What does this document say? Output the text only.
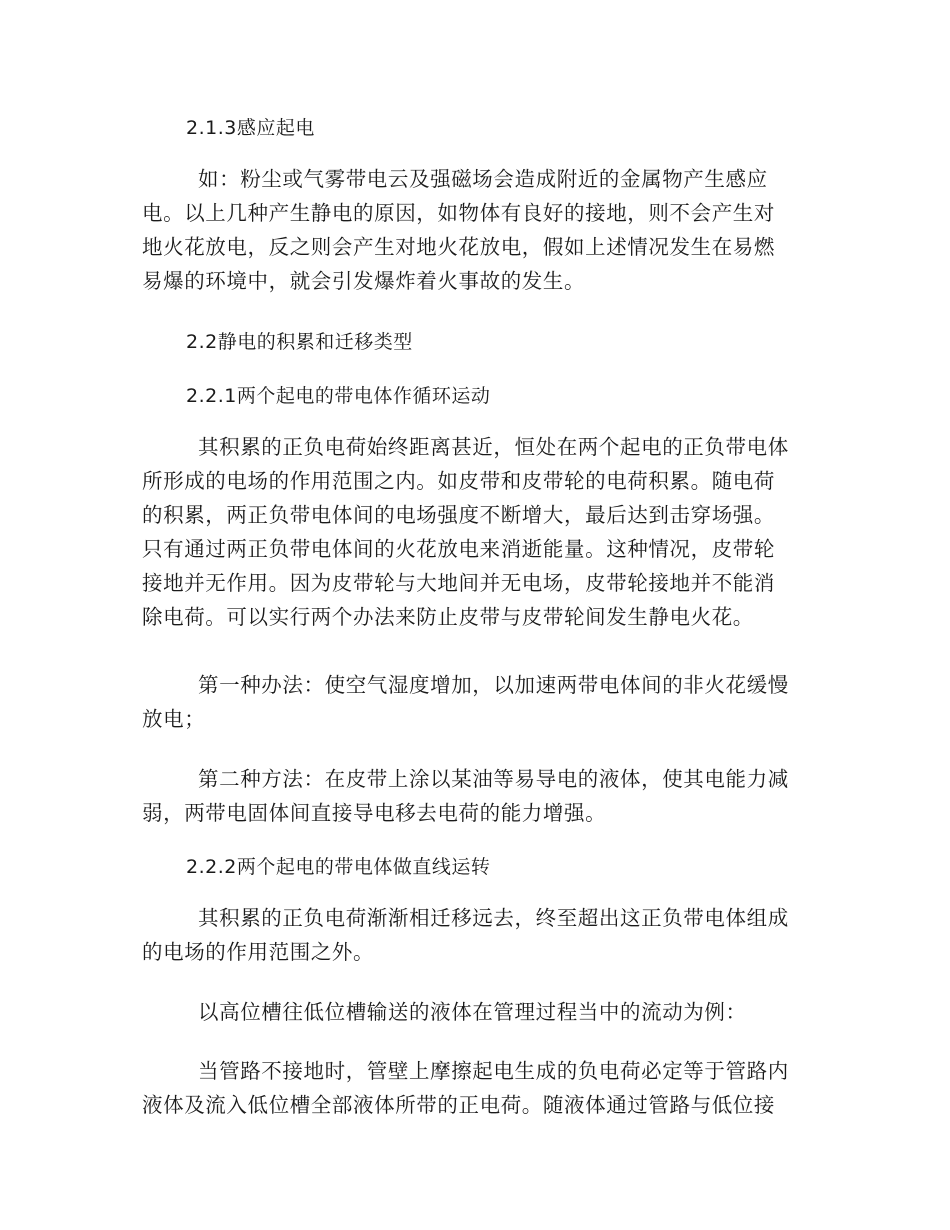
2.1.3感应起电
如：粉尘或气雾带电云及强磁场会造成附近的金属物产生感应
电。以上几种产生静电的原因，如物体有良好的接地，则不会产生对
地火花放电，反之则会产生对地火花放电，假如上述情况发生在易燃
易爆的环境中，就会引发爆炸着火事故的发生。
2.2静电的积累和迁移类型
2.2.1两个起电的带电体作循环运动
其积累的正负电荷始终距离甚近，恒处在两个起电的正负带电体
所形成的电场的作用范围之内。如皮带和皮带轮的电荷积累。随电荷
的积累，两正负带电体间的电场强度不断增大，最后达到击穿场强。
只有通过两正负带电体间的火花放电来消逝能量。这种情况，皮带轮
接地并无作用。因为皮带轮与大地间并无电场，皮带轮接地并不能消
除电荷。可以实行两个办法来防止皮带与皮带轮间发生静电火花。
第一种办法：使空气湿度增加，以加速两带电体间的非火花缓慢
放电；
第二种方法：在皮带上涂以某油等易导电的液体，使其电能力减
弱，两带电固体间直接导电移去电荷的能力增强。
2.2.2两个起电的带电体做直线运转
其积累的正负电荷渐渐相迁移远去，终至超出这正负带电体组成
的电场的作用范围之外。
以高位槽往低位槽输送的液体在管理过程当中的流动为例：
当管路不接地时，管壁上摩擦起电生成的负电荷必定等于管路内
液体及流入低位槽全部液体所带的正电荷。随液体通过管路与低位接
